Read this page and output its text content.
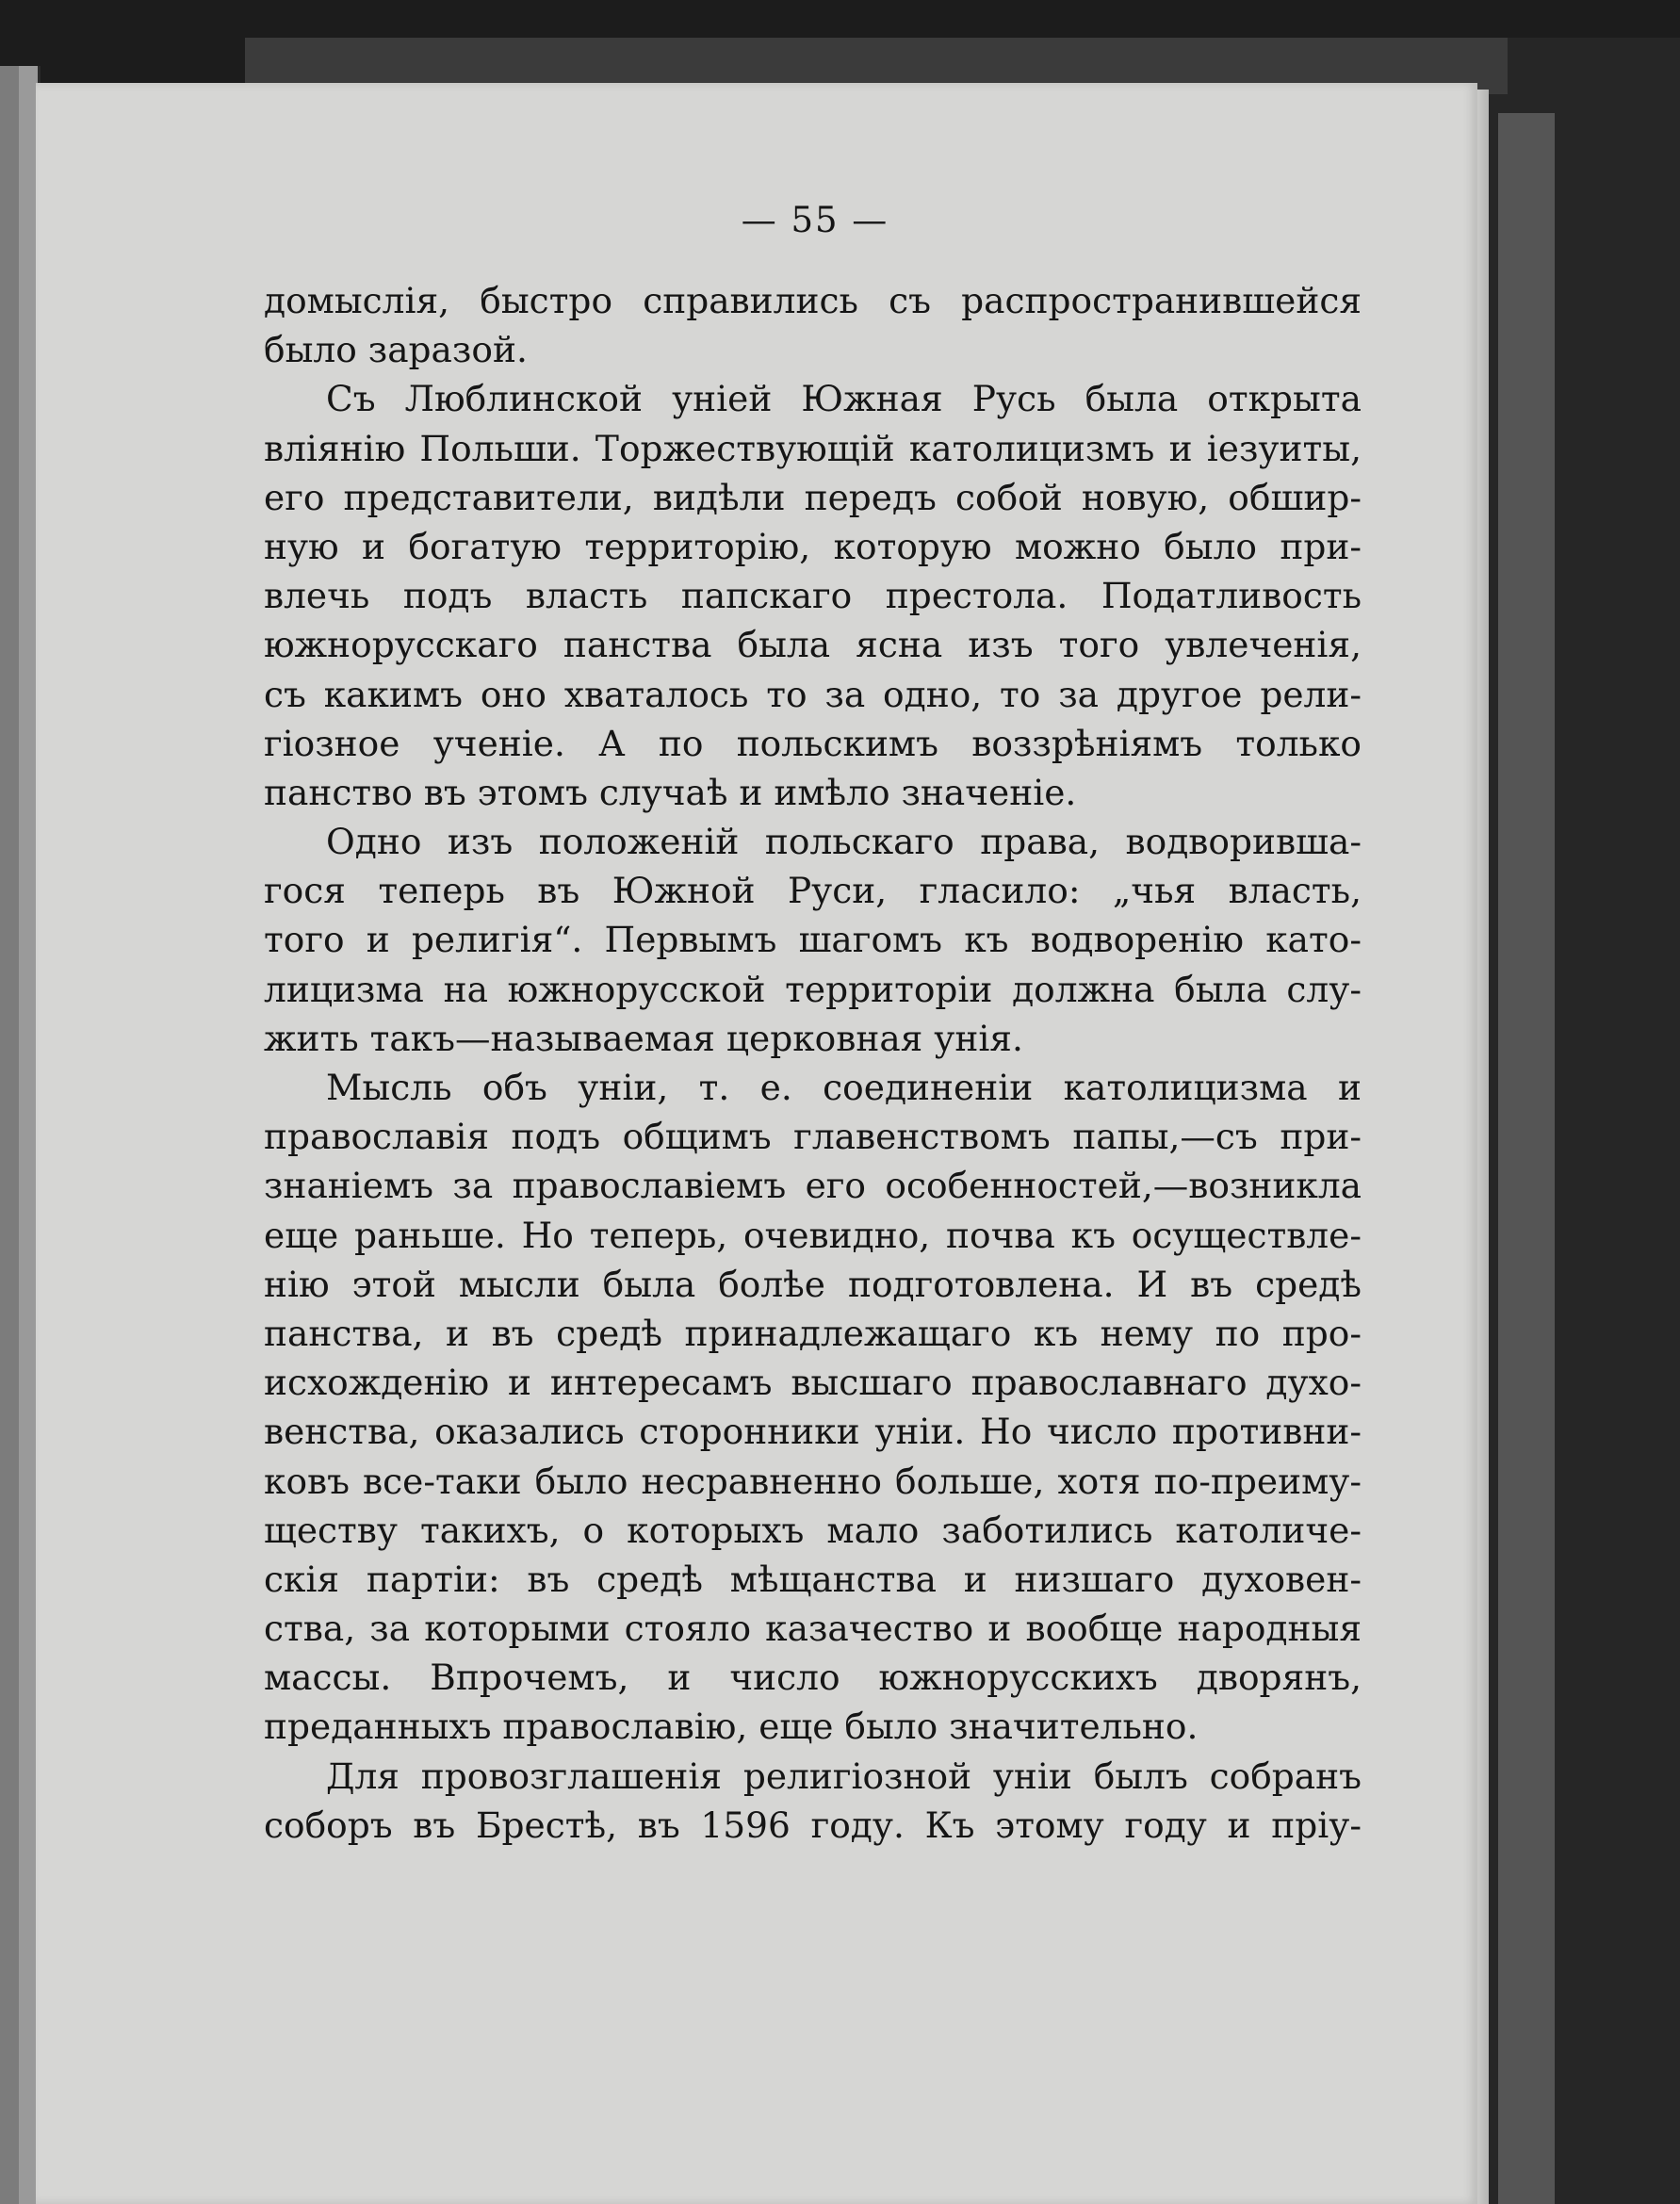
— 55 —
домыслія, быстро справились съ распространившейся
было заразой.
Съ Люблинской уніей Южная Русь была открыта
вліянію Польши. Торжествующій католицизмъ и іезуиты,
его представители, видѣли передъ собой новую, обшир-
ную и богатую территорію, которую можно было при-
влечь подъ власть папскаго престола. Податливость
южнорусскаго панства была ясна изъ того увлеченія,
съ какимъ оно хваталось то за одно, то за другое рели-
гіозное ученіе. А по польскимъ воззрѣніямъ только
панство въ этомъ случаѣ и имѣло значеніе.
Одно изъ положеній польскаго права, водворивша-
гося теперь въ Южной Руси, гласило: „чья власть,
того и религія“. Первымъ шагомъ къ водворенію като-
лицизма на южнорусской территоріи должна была слу-
жить такъ—называемая церковная унія.
Мысль объ уніи, т. е. соединеніи католицизма и
православія подъ общимъ главенствомъ папы,—съ при-
знаніемъ за православіемъ его особенностей,—возникла
еще раньше. Но теперь, очевидно, почва къ осуществле-
нію этой мысли была болѣе подготовлена. И въ средѣ
панства, и въ средѣ принадлежащаго къ нему по про-
исхожденію и интересамъ высшаго православнаго духо-
венства, оказались сторонники уніи. Но число противни-
ковъ все-таки было несравненно больше, хотя по-преиму-
ществу такихъ, о которыхъ мало заботились католиче-
скія партіи: въ средѣ мѣщанства и низшаго духовен-
ства, за которыми стояло казачество и вообще народныя
массы. Впрочемъ, и число южнорусскихъ дворянъ,
преданныхъ православію, еще было значительно.
Для провозглашенія религіозной уніи былъ собранъ
соборъ въ Брестѣ, въ 1596 году. Къ этому году и пріу-
